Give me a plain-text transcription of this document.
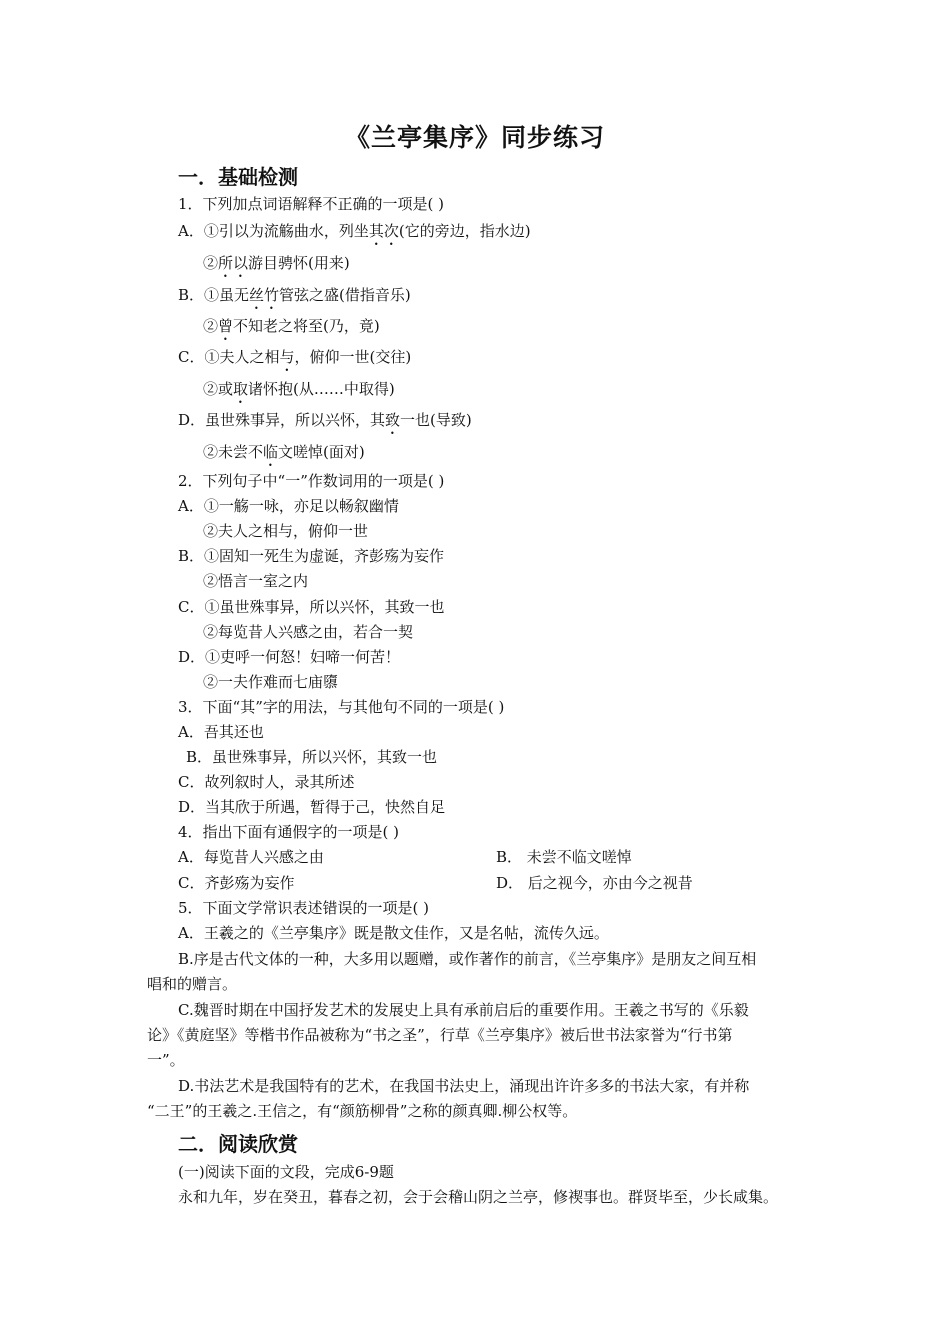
《兰亭集序》同步练习
一．基础检测
1．下列加点词语解释不正确的一项是( )
A．①引以为流觞曲水，列坐其次(它的旁边，指水边)
②所以游目骋怀(用来)
B．①虽无丝竹管弦之盛(借指音乐)
②曾不知老之将至(乃，竟)
C．①夫人之相与，俯仰一世(交往)
②或取诸怀抱(从……中取得)
D．虽世殊事异，所以兴怀，其致一也(导致)
②未尝不临文嗟悼(面对)
2．下列句子中“一”作数词用的一项是( )
A．①一觞一咏，亦足以畅叙幽情
②夫人之相与，俯仰一世
B．①固知一死生为虚诞，齐彭殇为妄作
②悟言一室之内
C．①虽世殊事异，所以兴怀，其致一也
②每览昔人兴感之由，若合一契
D．①吏呼一何怒！妇啼一何苦！
②一夫作难而七庙隳
3．下面“其”字的用法，与其他句不同的一项是( )
A．吾其还也
B．虽世殊事异，所以兴怀，其致一也
C．故列叙时人，录其所述
D．当其欣于所遇，暂得于己，快然自足
4．指出下面有通假字的一项是( )
A．每览昔人兴感之由	B． 未尝不临文嗟悼
C．齐彭殇为妄作	D． 后之视今，亦由今之视昔
5．下面文学常识表述错误的一项是( )
A．王羲之的《兰亭集序》既是散文佳作，又是名帖，流传久远。
B.序是古代文体的一种，大多用以题赠，或作著作的前言，《兰亭集序》是朋友之间互相
唱和的赠言。
C.魏晋时期在中国抒发艺术的发展史上具有承前启后的重要作用。王羲之书写的《乐毅
论》《黄庭坚》等楷书作品被称为“书之圣”，行草《兰亭集序》被后世书法家誉为“行书第
一”。
D.书法艺术是我国特有的艺术，在我国书法史上，涌现出许许多多的书法大家，有并称
“二王”的王羲之.王信之，有“颜筋柳骨”之称的颜真卿.柳公权等。
二．阅读欣赏
(一)阅读下面的文段，完成6-9题
永和九年，岁在癸丑，暮春之初，会于会稽山阴之兰亭，修禊事也。群贤毕至，少长咸集。
